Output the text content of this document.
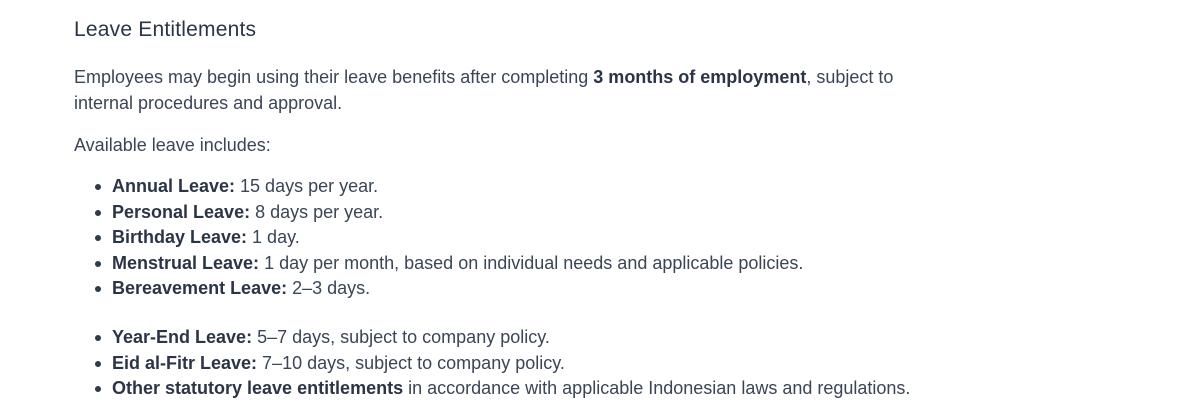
Leave Entitlements

Employees may begin using their leave benefits after completing 3 months of employment, subject to internal procedures and approval.

Available leave includes:

Annual Leave: 15 days per year.
Personal Leave: 8 days per year.
Birthday Leave: 1 day.
Menstrual Leave: 1 day per month, based on individual needs and applicable policies.
Bereavement Leave: 2–3 days.
Year-End Leave: 5–7 days, subject to company policy.
Eid al-Fitr Leave: 7–10 days, subject to company policy.
Other statutory leave entitlements in accordance with applicable Indonesian laws and regulations.
